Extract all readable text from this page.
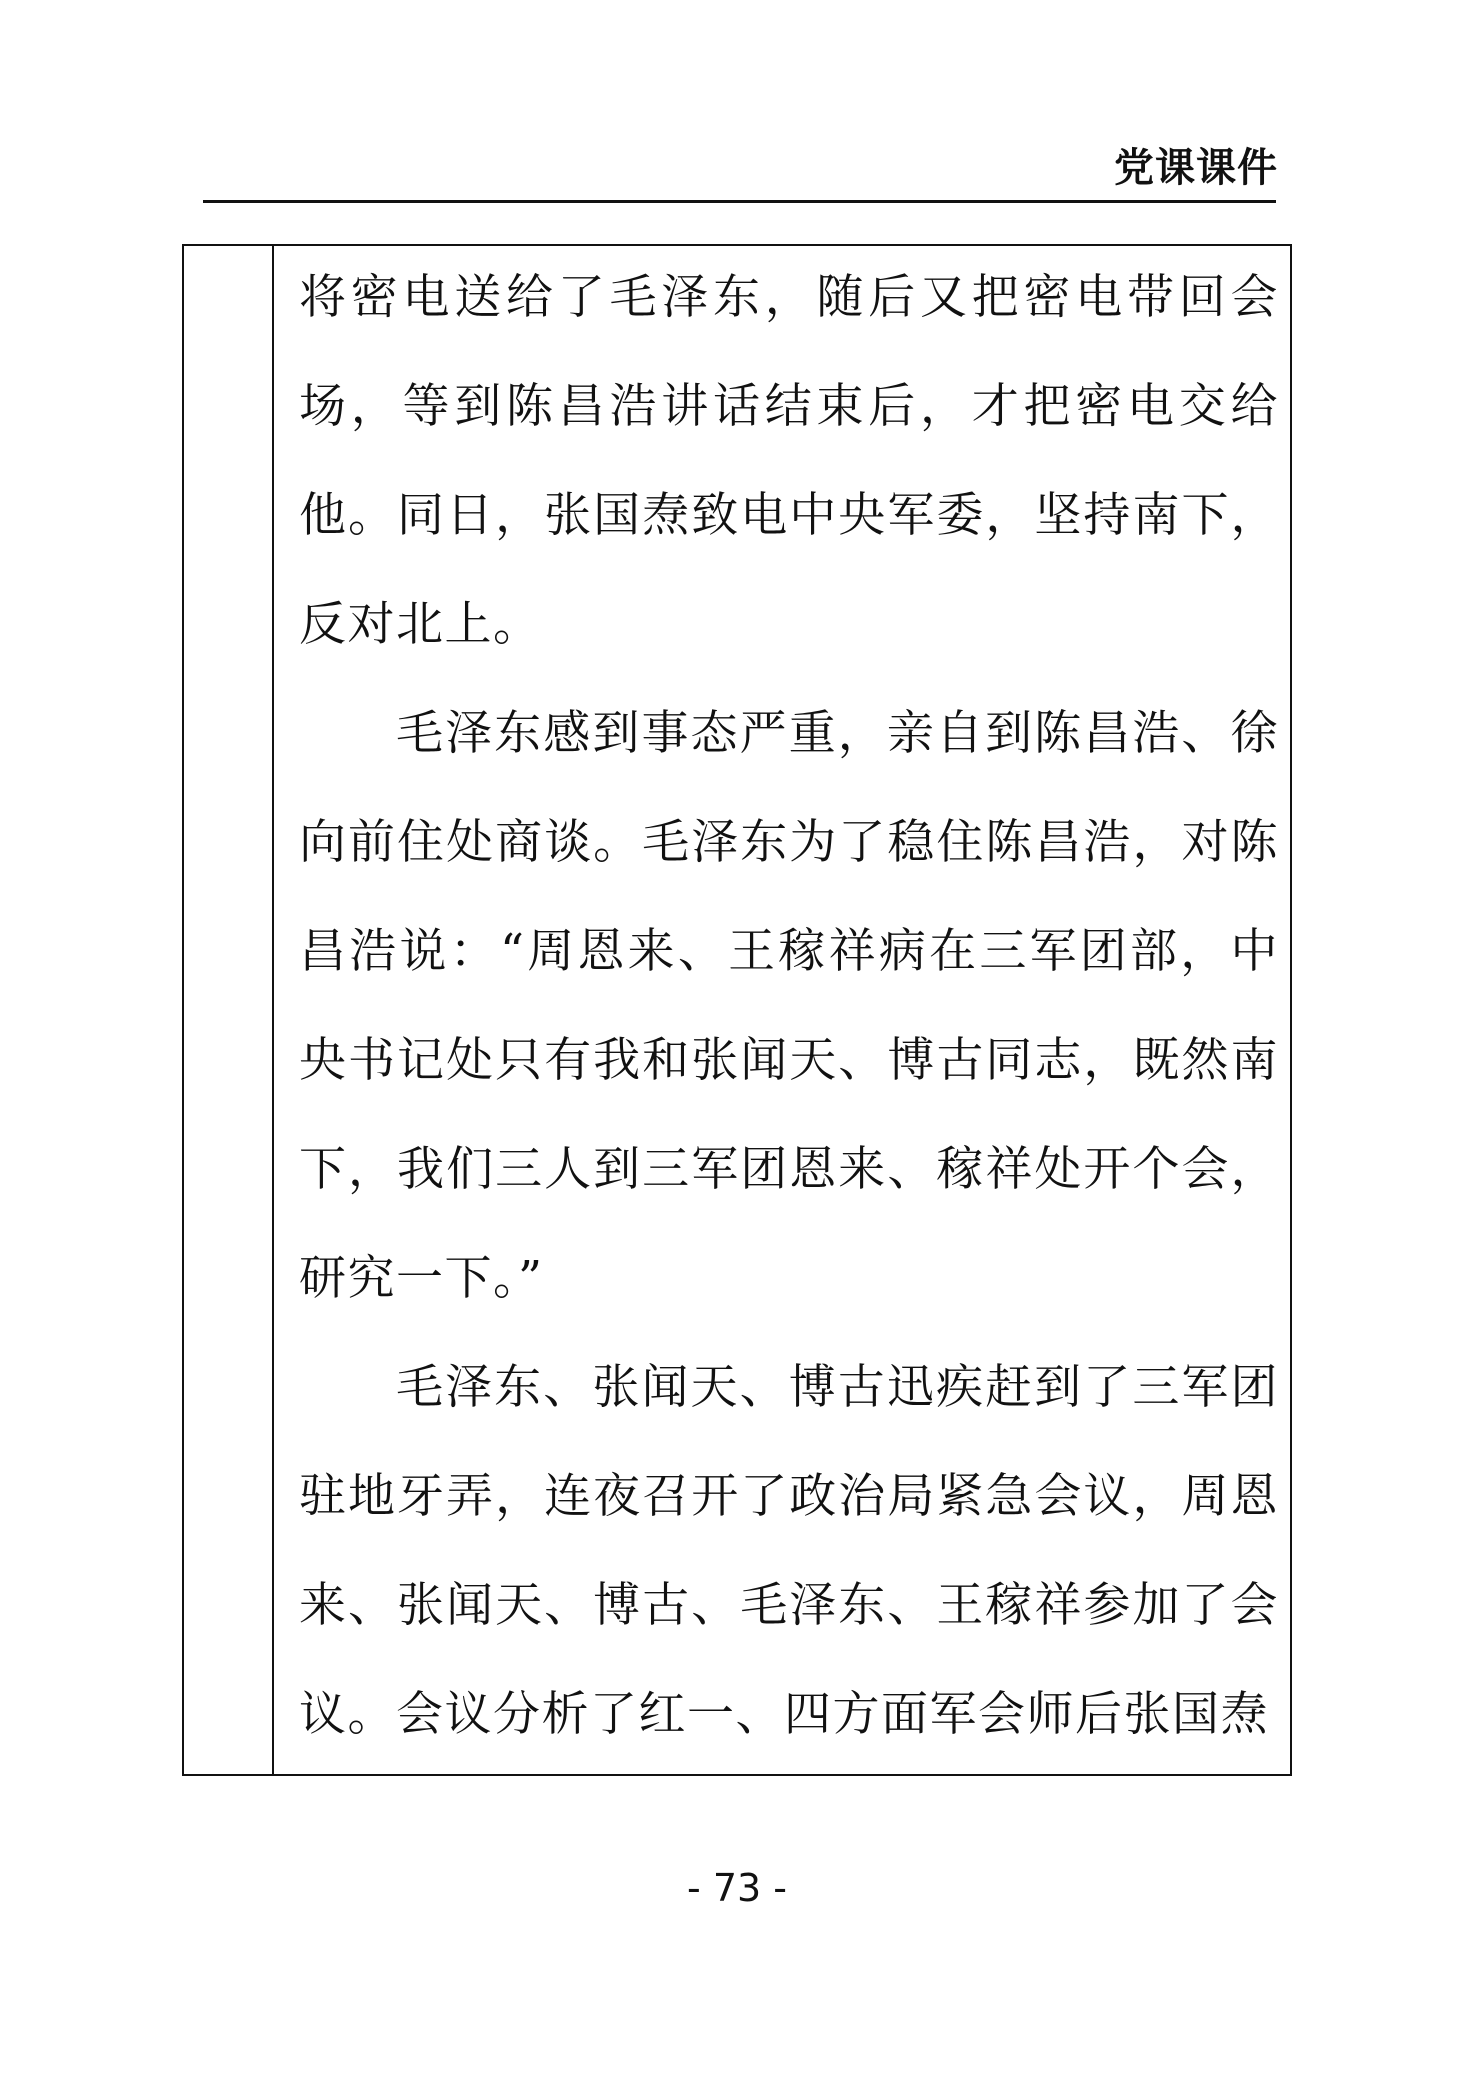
党课课件

将密电送给了毛泽东，随后又把密电带回会场，等到陈昌浩讲话结束后，才把密电交给他。同日，张国焘致电中央军委，坚持南下，反对北上。

毛泽东感到事态严重，亲自到陈昌浩、徐向前住处商谈。毛泽东为了稳住陈昌浩，对陈昌浩说：“周恩来、王稼祥病在三军团部，中央书记处只有我和张闻天、博古同志，既然南下，我们三人到三军团恩来、稼祥处开个会，研究一下。”

毛泽东、张闻天、博古迅疾赶到了三军团驻地牙弄，连夜召开了政治局紧急会议，周恩来、张闻天、博古、毛泽东、王稼祥参加了会议。会议分析了红一、四方面军会师后张国焘

- 73 -
